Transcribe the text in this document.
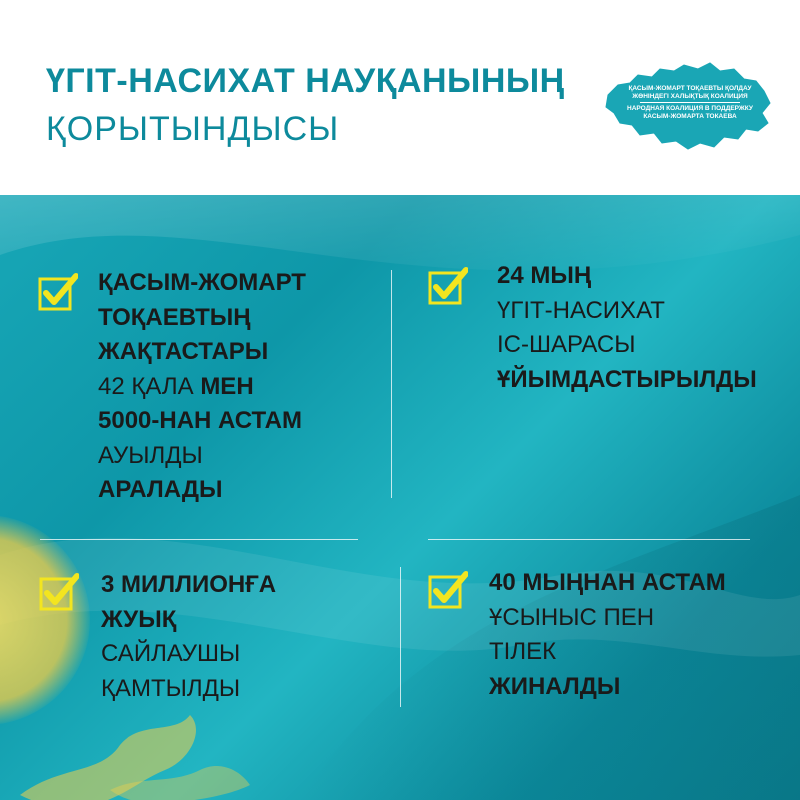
ҮГІТ-НАСИХАТ НАУҚАНЫНЫҢ
ҚОРЫТЫНДЫСЫ
ҚАСЫМ-ЖОМАРТ ТОҚАЕВТЫ ҚОЛДАУ ЖӨНІНДЕГІ ХАЛЫҚТЫҚ КОАЛИЦИЯ
НАРОДНАЯ КОАЛИЦИЯ В ПОДДЕРЖКУ КАСЫМ-ЖОМАРТА ТОКАЕВА
ҚАСЫМ-ЖОМАРТ
ТОҚАЕВТЫҢ
ЖАҚТАСТАРЫ
42 ҚАЛА МЕН
5000-НАН АСТАМ
АУЫЛДЫ
АРАЛАДЫ
24 МЫҢ
ҮГІТ-НАСИХАТ
ІС-ШАРАСЫ
ҰЙЫМДАСТЫРЫЛДЫ
3 МИЛЛИОНҒА
ЖУЫҚ
САЙЛАУШЫ
ҚАМТЫЛДЫ
40 МЫҢНАН АСТАМ
ҰСЫНЫС ПЕН
ТІЛЕК
ЖИНАЛДЫ
